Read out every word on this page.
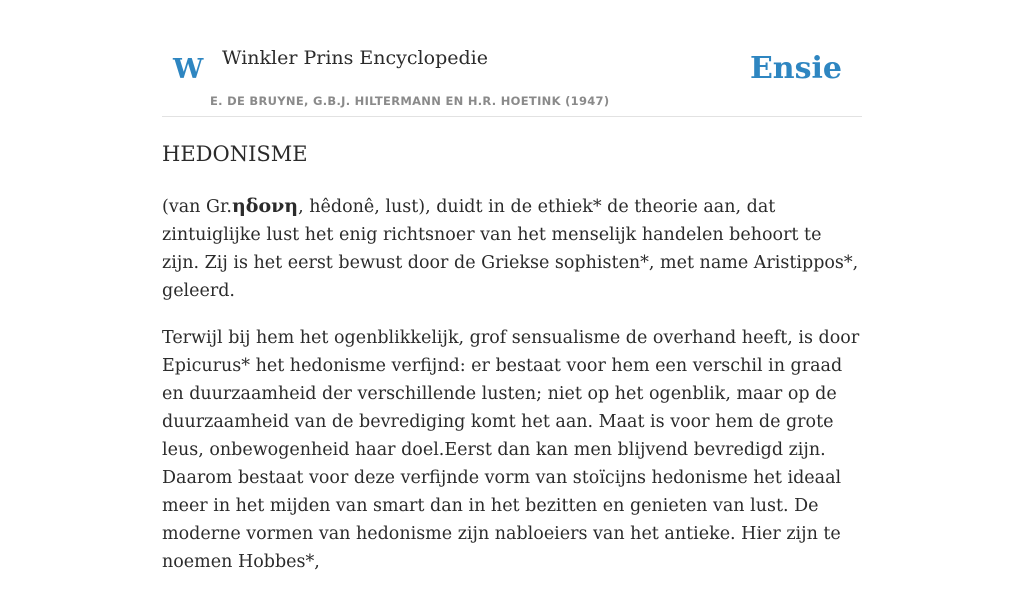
W Winkler Prins Encyclopedie
E. DE BRUYNE, G.B.J. HILTERMANN EN H.R. HOETINK (1947)
Ensie
HEDONISME

(van Gr.ηδονη, hêdonê, lust), duidt in de ethiek* de theorie aan, dat zintuiglijke lust het enig richtsnoer van het menselijk handelen behoort te zijn. Zij is het eerst bewust door de Griekse sophisten*, met name Aristippos*, geleerd.

Terwijl bij hem het ogenblikkelijk, grof sensualisme de overhand heeft, is door Epicurus* het hedonisme verfijnd: er bestaat voor hem een verschil in graad en duurzaamheid der verschillende lusten; niet op het ogenblik, maar op de duurzaamheid van de bevrediging komt het aan. Maat is voor hem de grote leus, onbewogenheid haar doel.Eerst dan kan men blijvend bevredigd zijn. Daarom bestaat voor deze verfijnde vorm van stoïcijns hedonisme het ideaal meer in het mijden van smart dan in het bezitten en genieten van lust. De moderne vormen van hedonisme zijn nabloeiers van het antieke. Hier zijn te noemen Hobbes*,
